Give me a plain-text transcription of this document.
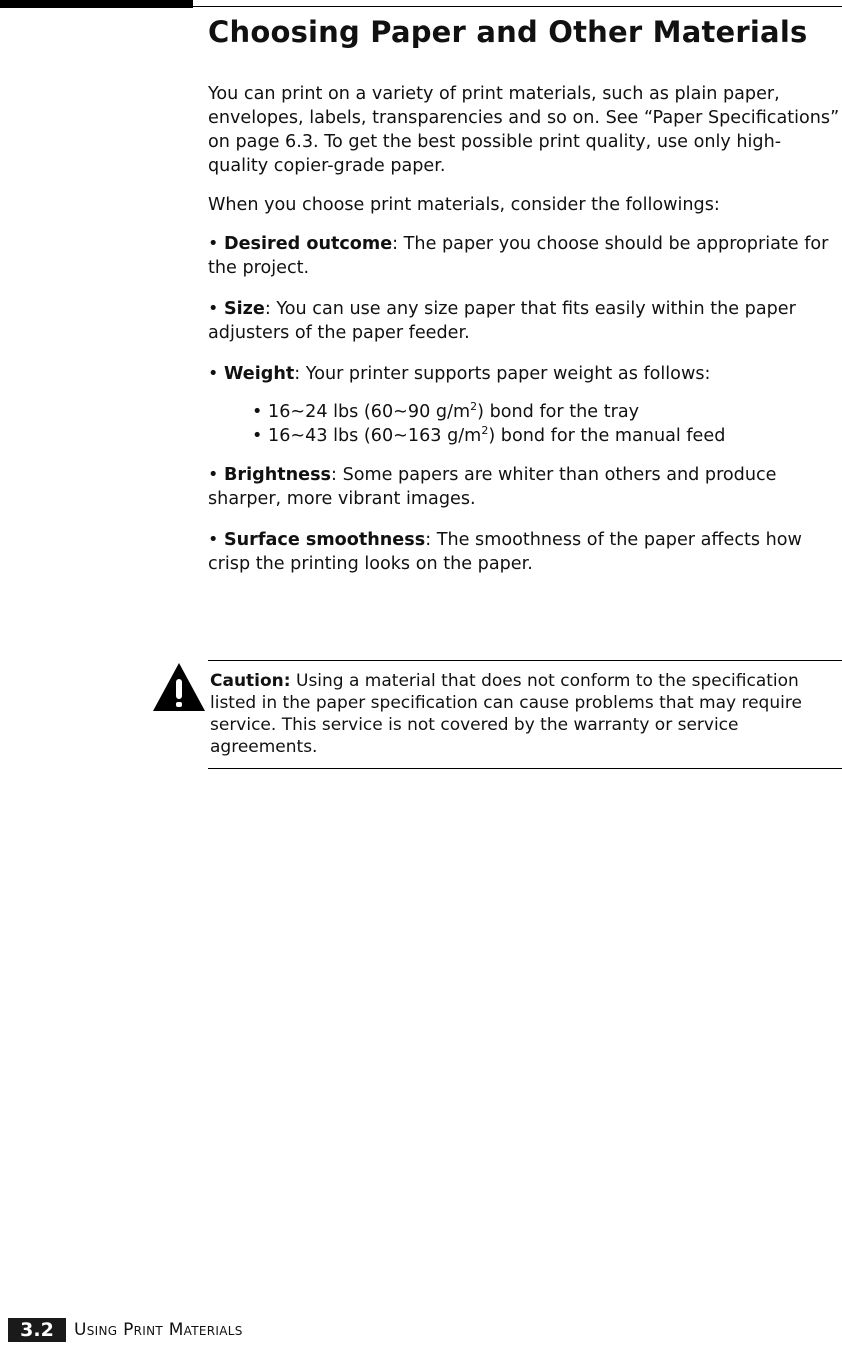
Choosing Paper and Other Materials

You can print on a variety of print materials, such as plain paper, envelopes, labels, transparencies and so on. See “Paper Specifications” on page 6.3. To get the best possible print quality, use only high-quality copier-grade paper.

When you choose print materials, consider the followings:

• Desired outcome: The paper you choose should be appropriate for the project.

• Size: You can use any size paper that fits easily within the paper adjusters of the paper feeder.

• Weight: Your printer supports paper weight as follows:

• 16~24 lbs (60~90 $g/m^2$) bond for the tray
• 16~43 lbs (60~163 $g/m^2$) bond for the manual feed

• Brightness: Some papers are whiter than others and produce sharper, more vibrant images.

• Surface smoothness: The smoothness of the paper affects how crisp the printing looks on the paper.

Caution: Using a material that does not conform to the specification listed in the paper specification can cause problems that may require service. This service is not covered by the warranty or service agreements.

3.2	Using Print Materials
